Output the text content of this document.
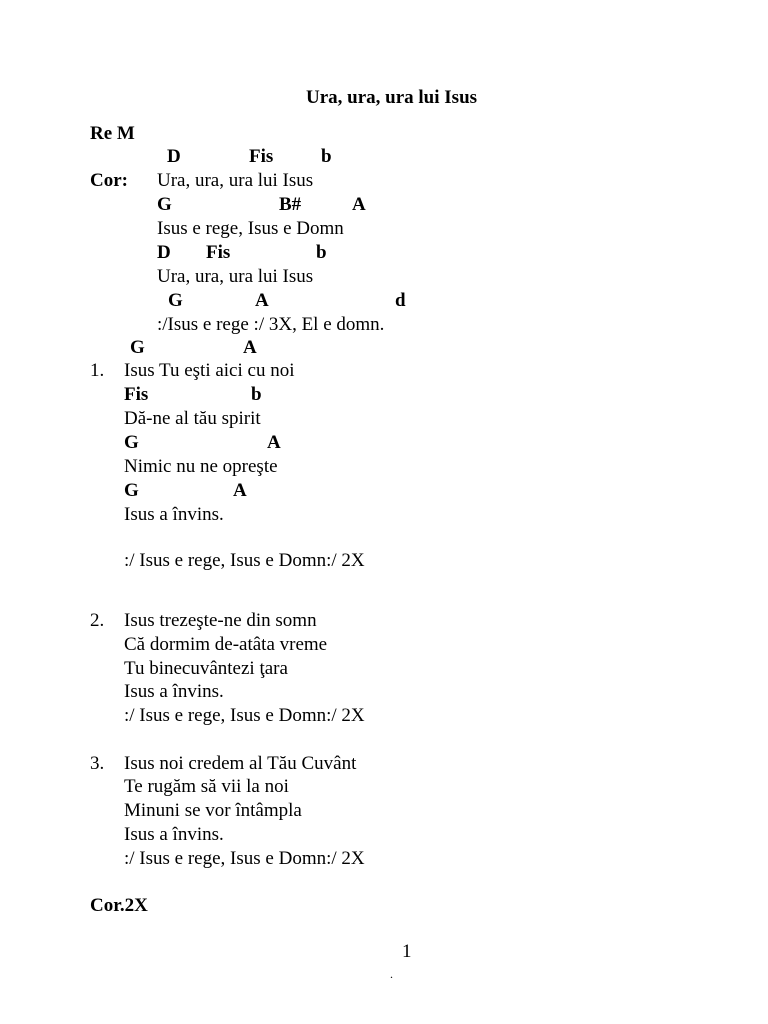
Ura, ura, ura lui Isus
Re M
D	Fis	b
Cor: Ura, ura, ura lui Isus
G	B#	A
Isus e rege, Isus e Domn
D Fis	b
Ura, ura, ura lui Isus
G	A	d
:/Isus e rege :/ 3X, El e domn.
G	A
1. Isus Tu eşti aici cu noi
Fis	b
Dă-ne al tău spirit
G	A
Nimic nu ne opreşte
G	A
Isus a învins.
:/ Isus e rege, Isus e Domn:/ 2X
2. Isus trezeşte-ne din somn
Că dormim de-atâta vreme
Tu binecuvântezi ţara
Isus a învins.
:/ Isus e rege, Isus e Domn:/ 2X
3. Isus noi credem al Tău Cuvânt
Te rugăm să vii la noi
Minuni se vor întâmpla
Isus a învins.
:/ Isus e rege, Isus e Domn:/ 2X
Cor.2X
1
.
